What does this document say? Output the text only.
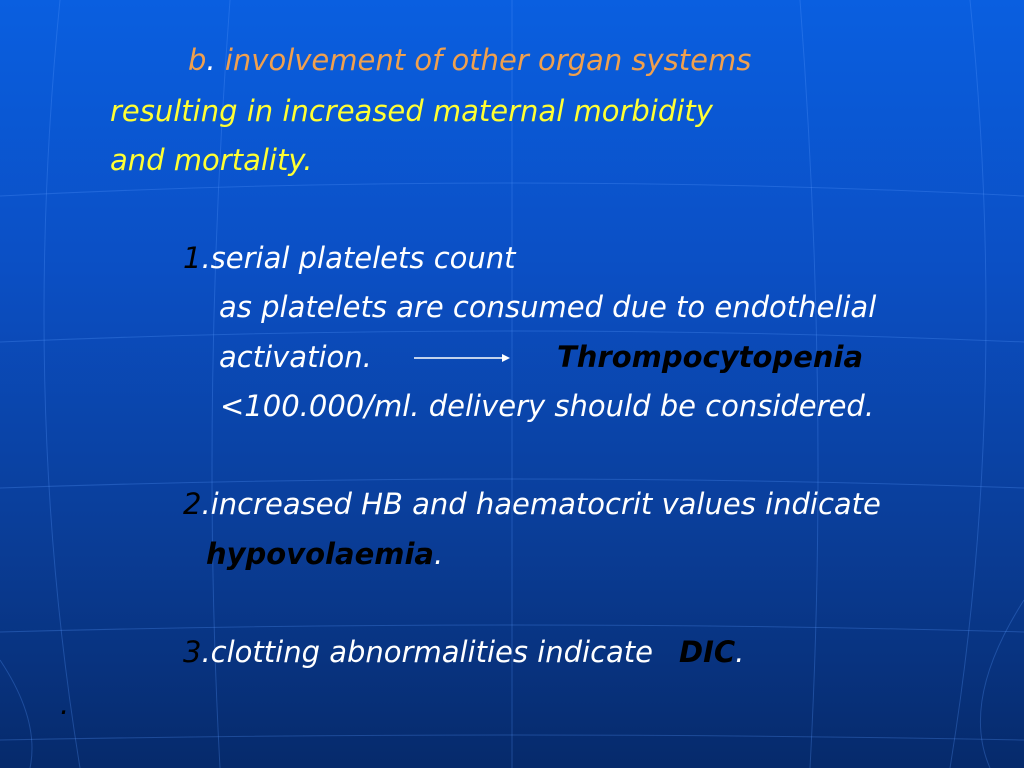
b. involvement of other organ systems
resulting in increased maternal morbidity
and mortality.
1.serial platelets count
as platelets are consumed due to endothelial
activation.	Thrompocytopenia
<100.000/ml. delivery should be considered.
2.increased HB and haematocrit values indicate
hypovolaemia.
3.clotting abnormalities indicate DIC.
.
